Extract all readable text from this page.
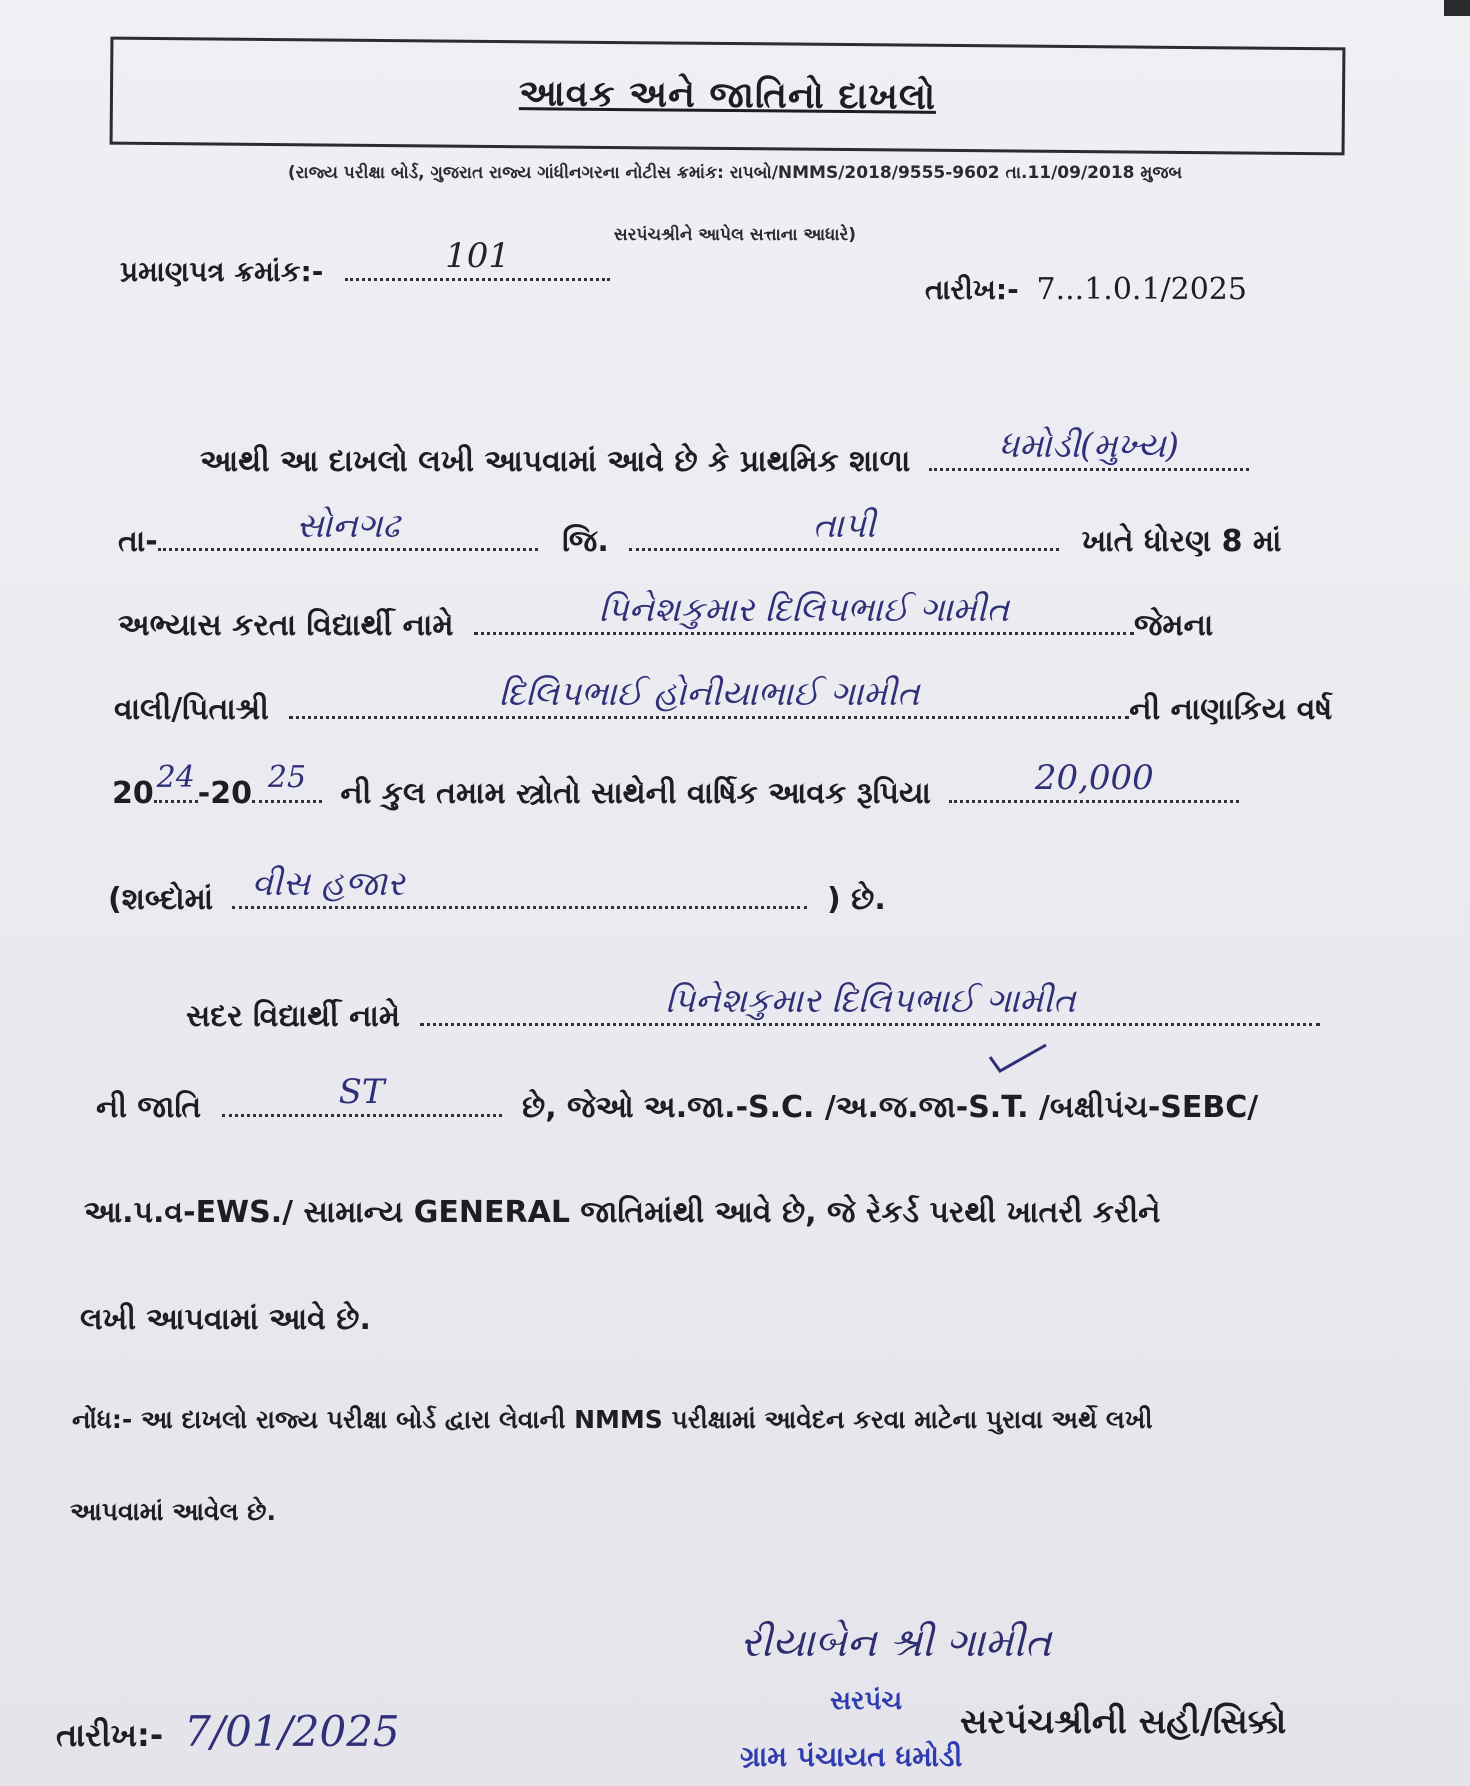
આવક અને જાતિનો દાખલો
(રાજ્ય પરીક્ષા બોર્ડ, ગુજરાત રાજ્ય ગાંધીનગરના નોટીસ ક્રમાંક: રાપબો/NMMS/2018/9555-9602 તા.11/09/2018 મુજબ
સરપંચશ્રીને આપેલ સત્તાના આધારે)
પ્રમાણપત્ર ક્રમાંક:-	101
તારીખ:- 7...1.0.1/2025
આથી આ દાખલો લખી આપવામાં આવે છે કે પ્રાથમિક શાળા	ધમોડી(મુખ્ય)
તા-	સોનગઢ	જિ.	તાપી	ખાતે ધોરણ 8 માં
અભ્યાસ કરતા વિદ્યાર્થી નામે	પિનેશકુમાર દિલિપભાઈ ગામીત	જેમના
વાલી/પિતાશ્રી	દિલિપભાઈ હોનીયાભાઈ ગામીત	ની નાણાકિય વર્ષ
20 24 -20 25	ની કુલ તમામ સ્ત્રોતો સાથેની વાર્ષિક આવક રૂપિયા	20,000
(શબ્દોમાં	વીસ હજાર	) છે.
સદર વિદ્યાર્થી નામે	પિનેશકુમાર દિલિપભાઈ ગામીત
ની જાતિ	ST	છે, જેઓ અ.જા.-S.C. /અ.જ.જા-S.T. /બક્ષીપંચ-SEBC/
આ.પ.વ-EWS./ સામાન્ય GENERAL જાતિમાંથી આવે છે, જે રેકર્ડ પરથી ખાતરી કરીને
લખી આપવામાં આવે છે.
નોંધ:- આ દાખલો રાજ્ય પરીક્ષા બોર્ડ દ્વારા લેવાની NMMS પરીક્ષામાં આવેદન કરવા માટેના પુરાવા અર્થે લખી
આપવામાં આવેલ છે.
રીયાબેન શ્રી ગામીત
તારીખ:- 7/01/2025
સરપંચ
ગ્રામ પંચાયત ધમોડી
સરપંચશ્રીની સહી/સિક્કો
